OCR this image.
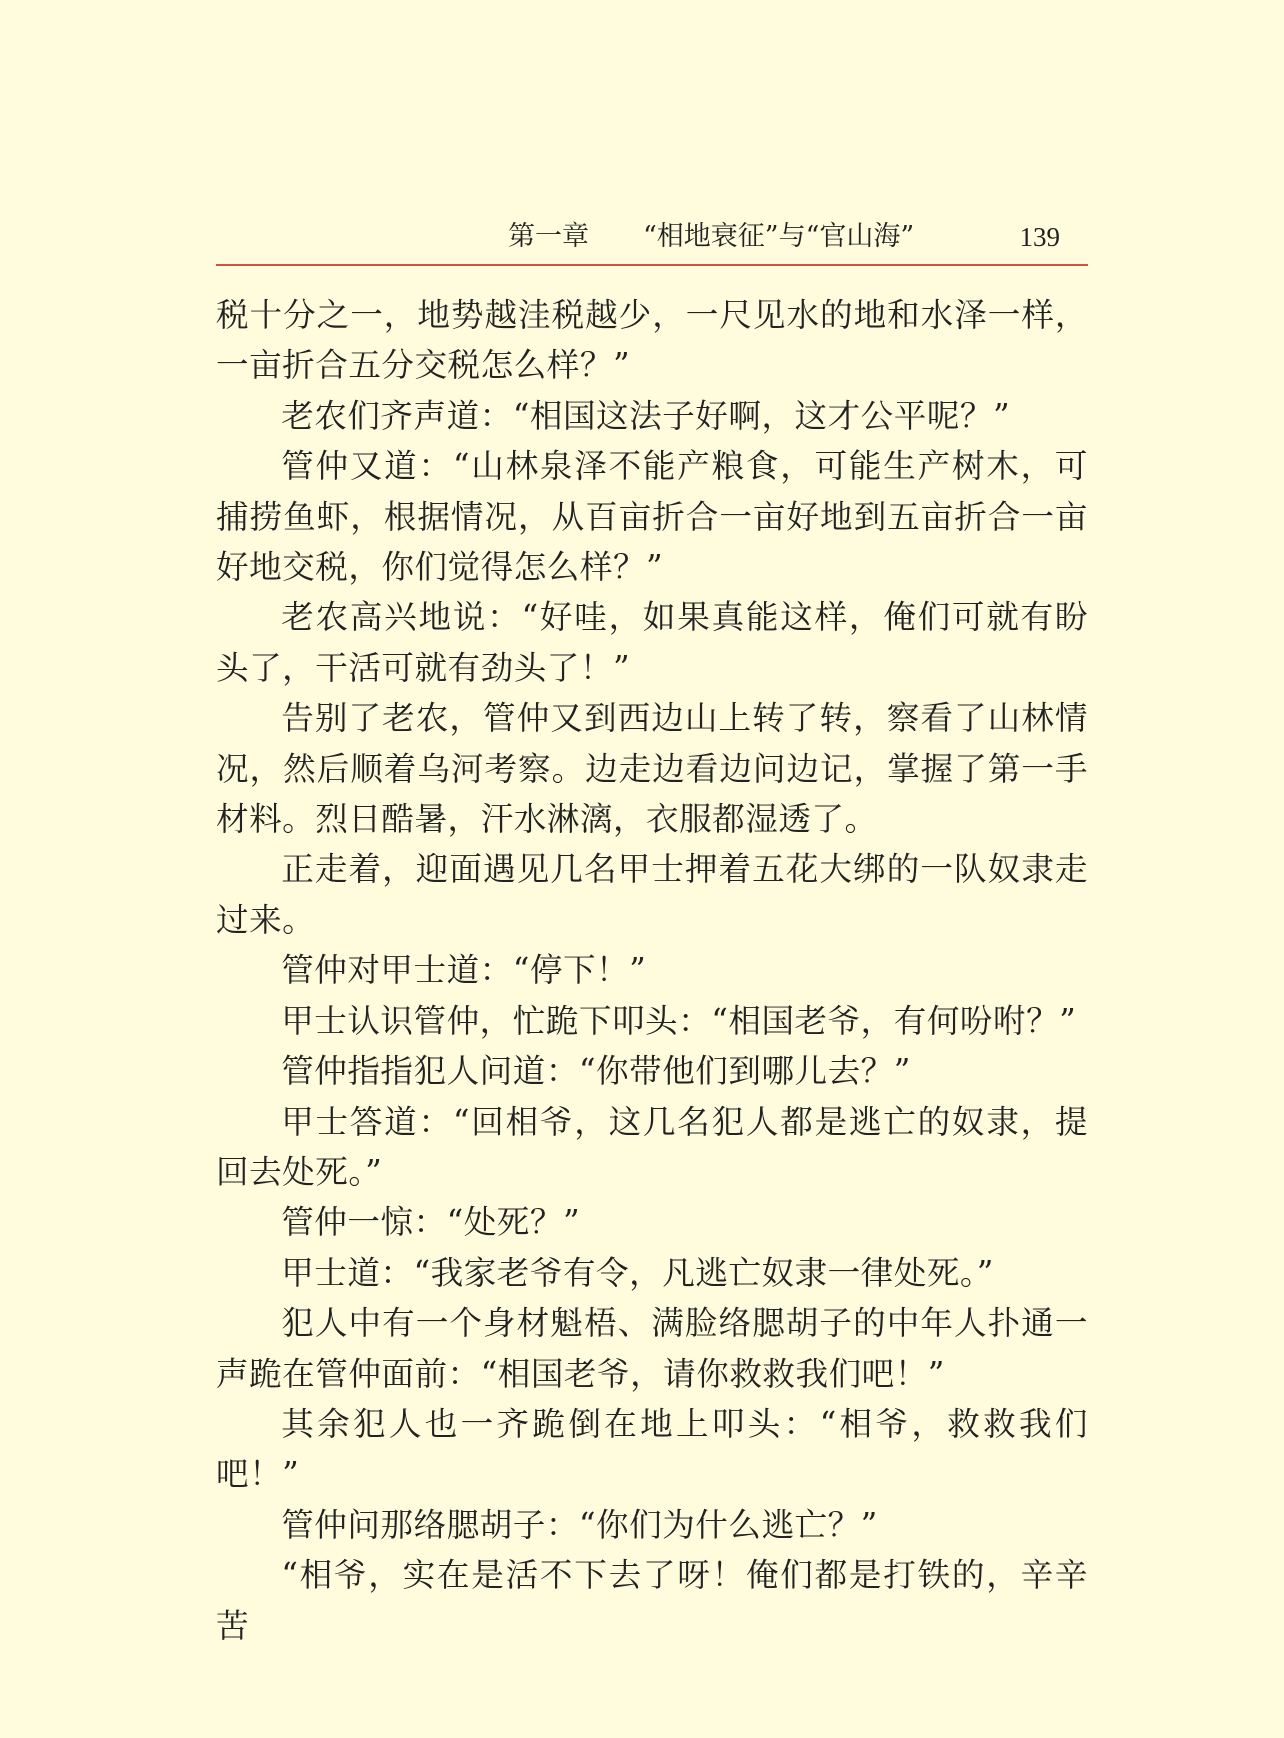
第一章　　“相地衰征”与“官山海”	139

税十分之一，地势越洼税越少，一尺见水的地和水泽一样，一亩折合五分交税怎么样？”

老农们齐声道：“相国这法子好啊，这才公平呢？”

管仲又道：“山林泉泽不能产粮食，可能生产树木，可捕捞鱼虾，根据情况，从百亩折合一亩好地到五亩折合一亩好地交税，你们觉得怎么样？”

老农高兴地说：“好哇，如果真能这样，俺们可就有盼头了，干活可就有劲头了！”

告别了老农，管仲又到西边山上转了转，察看了山林情况，然后顺着乌河考察。边走边看边问边记，掌握了第一手材料。烈日酷暑，汗水淋漓，衣服都湿透了。

正走着，迎面遇见几名甲士押着五花大绑的一队奴隶走过来。

管仲对甲士道：“停下！”

甲士认识管仲，忙跪下叩头：“相国老爷，有何吩咐？”

管仲指指犯人问道：“你带他们到哪儿去？”

甲士答道：“回相爷，这几名犯人都是逃亡的奴隶，提回去处死。”

管仲一惊：“处死？”

甲士道：“我家老爷有令，凡逃亡奴隶一律处死。”

犯人中有一个身材魁梧、满脸络腮胡子的中年人扑通一声跪在管仲面前：“相国老爷，请你救救我们吧！”

其余犯人也一齐跪倒在地上叩头：“相爷，救救我们吧！”

管仲问那络腮胡子：“你们为什么逃亡？”

“相爷，实在是活不下去了呀！俺们都是打铁的，辛辛苦
